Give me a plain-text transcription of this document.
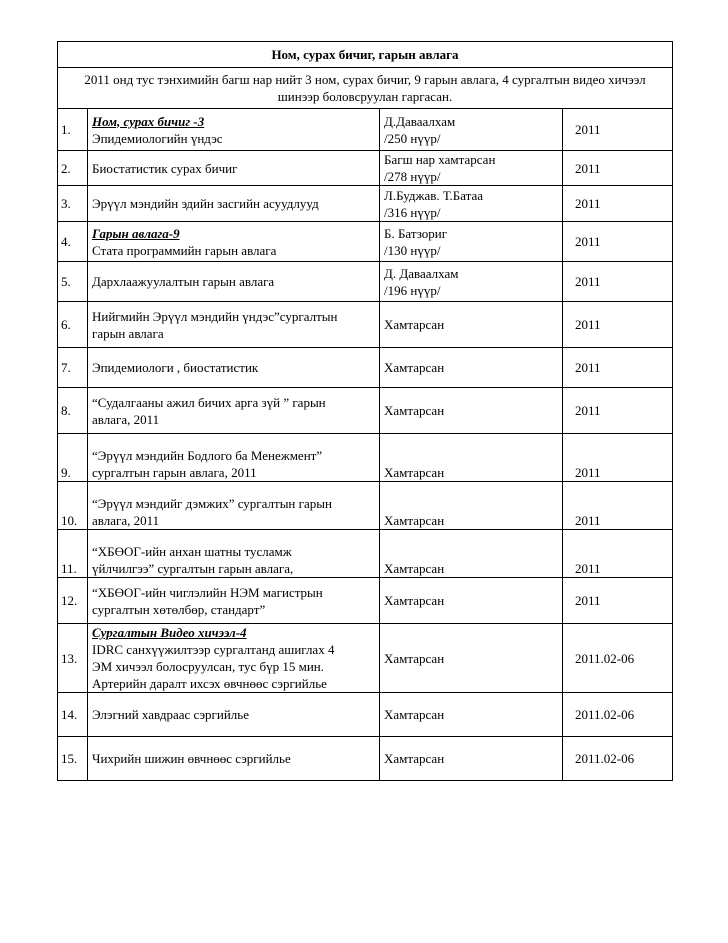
Ном, сурах бичиг, гарын авлага			
2011 онд тус тэнхимийн багш нар нийт 3 ном, сурах бичиг, 9 гарын авлага, 4 сургалтын видео хичээл шинээр боловсруулан гаргасан.			

1.	Ном, сурах бичиг -3
Эпидемиологийн үндэс	Д.Даваалхам
/250 нүүр/	2011

2.	Биостатистик сурах бичиг	Багш нар хамтарсан
/278 нүүр/	2011

3.	Эрүүл мэндийн эдийн засгийн асуудлууд	Л.Буджав. Т.Батаа
/316 нүүр/	2011

4.	Гарын авлага-9
Стата программийн гарын авлага	Б. Батзориг
/130 нүүр/	2011

5.	Дархлаажуулалтын гарын авлага	Д. Даваалхам
/196 нүүр/	2011

6.	Нийгмийн Эрүүл мэндийн үндэс”сургалтын
гарын авлага	Хамтарсан	2011

7.	Эпидемиологи , биостатистик	Хамтарсан	2011

8.	“Судалгааны ажил бичих арга зүй ” гарын
авлага, 2011	Хамтарсан	2011

9.	“Эрүүл мэндийн Бодлого ба Менежмент”
сургалтын гарын авлага, 2011	Хамтарсан	2011

10.	“Эрүүл мэндийг дэмжих” сургалтын гарын
авлага, 2011	Хамтарсан	2011

11.	“ХБӨОГ-ийн анхан шатны тусламж
үйлчилгээ” сургалтын гарын авлага,	Хамтарсан	2011

12.	“ХБӨОГ-ийн чиглэлийн НЭМ магистрын
сургалтын хөтөлбөр, стандарт”	Хамтарсан	2011

13.	Сургалтын Видео хичээл-4
IDRC санхүүжилтээр сургалтанд ашиглах 4
ЭМ хичээл болосруулсан, тус бүр 15 мин.
Артерийн даралт ихсэх өвчнөөс сэргийлье	Хамтарсан	2011.02-06

14.	Элэгний хавдраас сэргийлье	Хамтарсан	2011.02-06

15.	Чихрийн шижин өвчнөөс сэргийлье	Хамтарсан	2011.02-06
